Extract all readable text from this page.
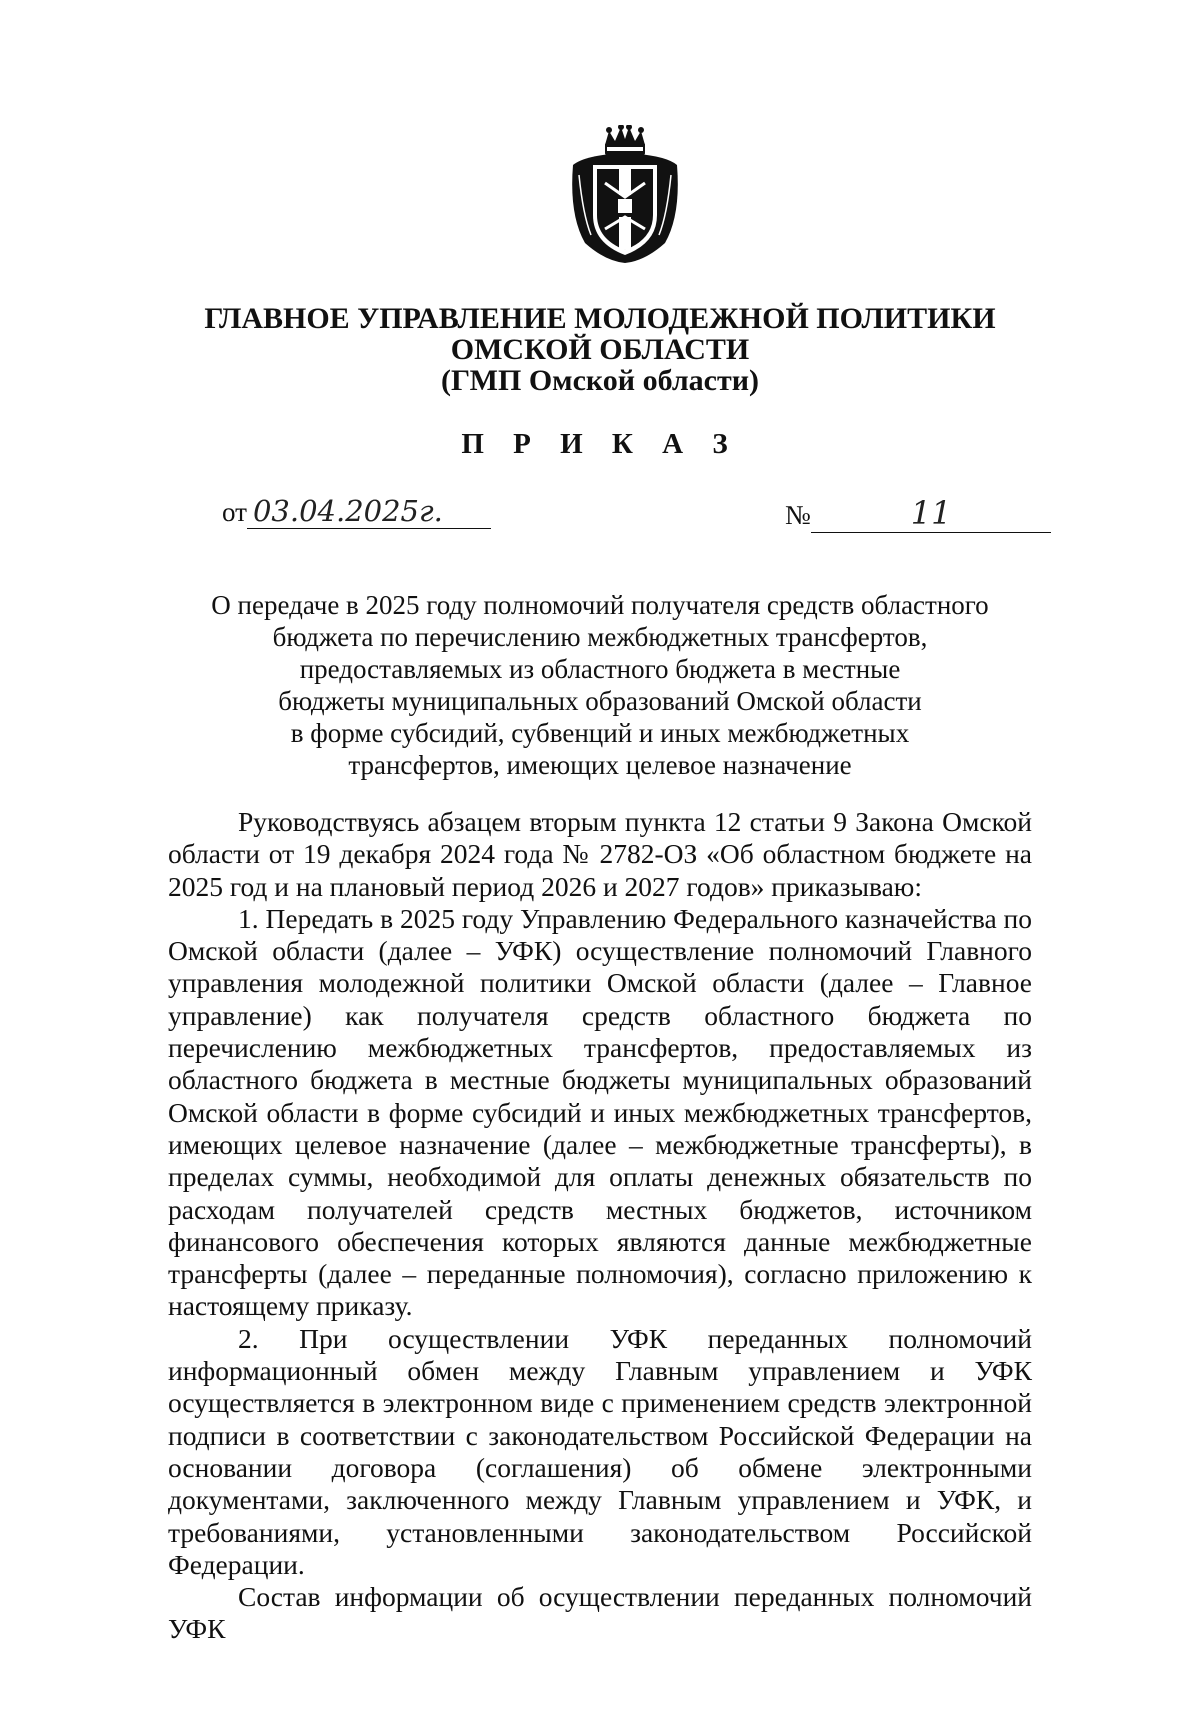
ГЛАВНОЕ УПРАВЛЕНИЕ МОЛОДЕЖНОЙ ПОЛИТИКИ
ОМСКОЙ ОБЛАСТИ
(ГМП Омской области)
П Р И К А З
от 03.04.2025г.	№	11
О передаче в 2025 году полномочий получателя средств областного
бюджета по перечислению межбюджетных трансфертов,
предоставляемых из областного бюджета в местные
бюджеты муниципальных образований Омской области
в форме субсидий, субвенций и иных межбюджетных
трансфертов, имеющих целевое назначение

Руководствуясь абзацем вторым пункта 12 статьи 9 Закона Омской области от 19 декабря 2024 года № 2782-ОЗ «Об областном бюджете на 2025 год и на плановый период 2026 и 2027 годов» приказываю:

1. Передать в 2025 году Управлению Федерального казначейства по Омской области (далее – УФК) осуществление полномочий Главного управления молодежной политики Омской области (далее – Главное управление) как получателя средств областного бюджета по перечислению межбюджетных трансфертов, предоставляемых из областного бюджета в местные бюджеты муниципальных образований Омской области в форме субсидий и иных межбюджетных трансфертов, имеющих целевое назначение (далее – межбюджетные трансферты), в пределах суммы, необходимой для оплаты денежных обязательств по расходам получателей средств местных бюджетов, источником финансового обеспечения которых являются данные межбюджетные трансферты (далее – переданные полномочия), согласно приложению к настоящему приказу.

2. При осуществлении УФК переданных полномочий информационный обмен между Главным управлением и УФК осуществляется в электронном виде с применением средств электронной подписи в соответствии с законодательством Российской Федерации на основании договора (соглашения) об обмене электронными документами, заключенного между Главным управлением и УФК, и требованиями, установленными законодательством Российской Федерации.

Состав информации об осуществлении переданных полномочий УФК
